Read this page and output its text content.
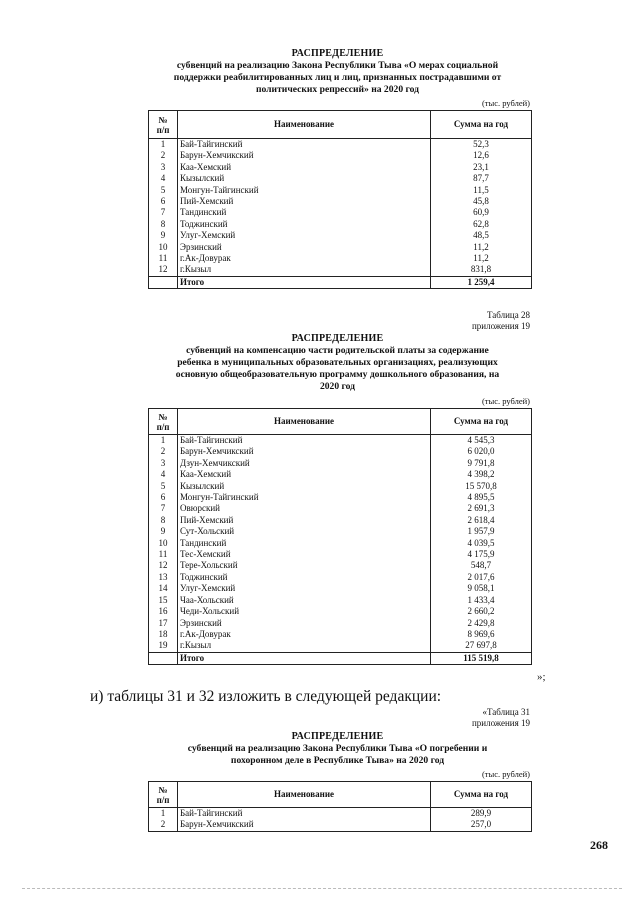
РАСПРЕДЕЛЕНИЕ
субвенций на реализацию Закона Республики Тыва «О мерах социальной
поддержки реабилитированных лиц и лиц, признанных пострадавшими от
политических репрессий» на 2020 год
(тыс. рублей)
№
п/п	Наименование	Сумма на год
1	Бай-Тайгинский	52,3
2	Барун-Хемчикский	12,6
3	Каа-Хемский	23,1
4	Кызылский	87,7
5	Монгун-Тайгинский	11,5
6	Пий-Хемский	45,8
7	Тандинский	60,9
8	Тоджинский	62,8
9	Улуг-Хемский	48,5
10	Эрзинский	11,2
11	г.Ак-Довурак	11,2
12	г.Кызыл	831,8
	Итого	1 259,4
Таблица 28
приложения 19
РАСПРЕДЕЛЕНИЕ
субвенций на компенсацию части родительской платы за содержание
ребенка в муниципальных образовательных организациях, реализующих
основную общеобразовательную программу дошкольного образования, на
2020 год
(тыс. рублей)
№
п/п	Наименование	Сумма на год
1	Бай-Тайгинский	4 545,3
2	Барун-Хемчикский	6 020,0
3	Дзун-Хемчикский	9 791,8
4	Каа-Хемский	4 398,2
5	Кызылский	15 570,8
6	Монгун-Тайгинский	4 895,5
7	Овюрский	2 691,3
8	Пий-Хемский	2 618,4
9	Сут-Хольский	1 957,9
10	Тандинский	4 039,5
11	Тес-Хемский	4 175,9
12	Тере-Хольский	548,7
13	Тоджинский	2 017,6
14	Улуг-Хемский	9 058,1
15	Чаа-Хольский	1 433,4
16	Чеди-Хольский	2 660,2
17	Эрзинский	2 429,8
18	г.Ак-Довурак	8 969,6
19	г.Кызыл	27 697,8
	Итого	115 519,8
»;
и) таблицы 31 и 32 изложить в следующей редакции:
«Таблица 31
приложения 19
РАСПРЕДЕЛЕНИЕ
субвенций на реализацию Закона Республики Тыва «О погребении и
похоронном деле в Республике Тыва» на 2020 год
(тыс. рублей)
№
п/п	Наименование	Сумма на год
1	Бай-Тайгинский	289,9
2	Барун-Хемчикский	257,0
268
